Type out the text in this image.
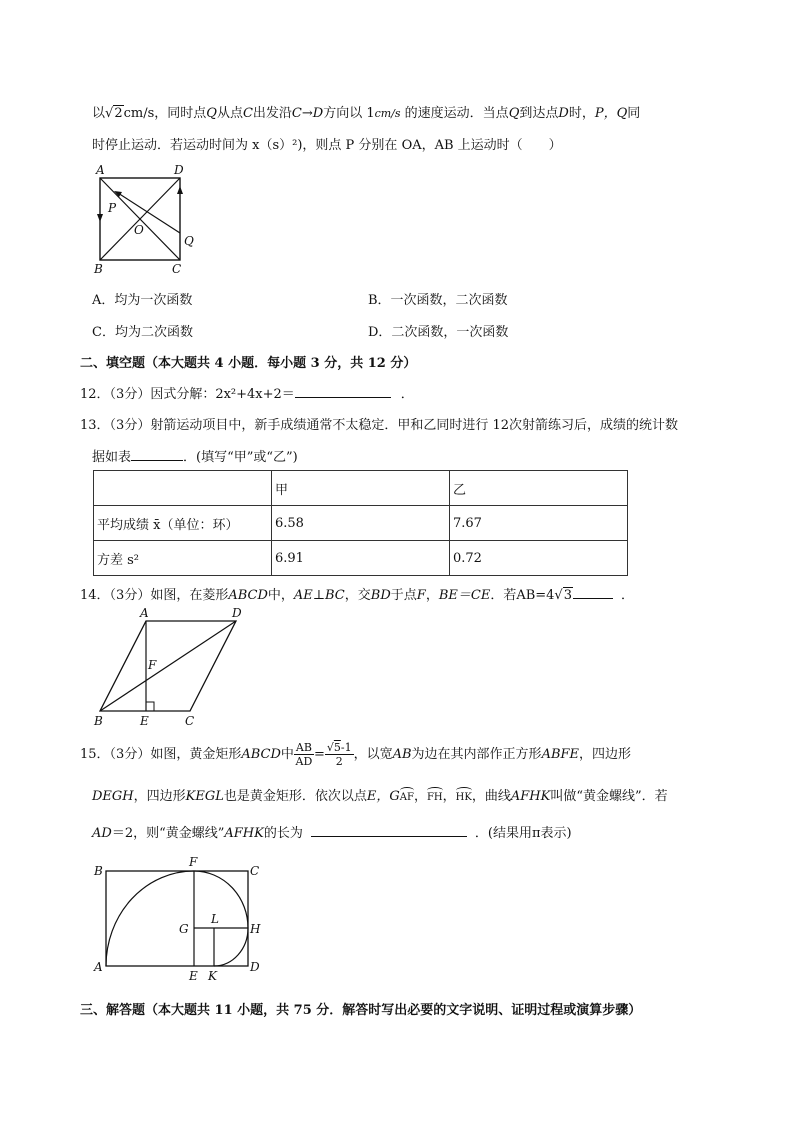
以√2cm/s，同时点Q从点C出发沿C→D方向以 1cm/s 的速度运动．当点Q到达点D时，P，Q同
时停止运动．若运动时间为 x（s）²)，则点 P 分别在 OA，AB 上运动时（　　）
A	D
B	C
P
O
Q
A．均为一次函数	B．一次函数，二次函数
C．均为二次函数	D．二次函数，一次函数
二、填空题（本大题共 4 小题．每小题 3 分，共 12 分）
12．（3分）因式分解：2x²+4x+2＝	．
13．（3分）射箭运动项目中，新手成绩通常不太稳定．甲和乙同时进行 12次射箭练习后，成绩的统计数
据如表	．(填写“甲”或“乙”)
	甲	乙
平均成绩 x̄（单位：环）	6.58	7.67
方差 s²	6.91	0.72
14．（3分）如图，在菱形ABCD中，AE⊥BC，交BD于点F，BE＝CE．若AB=4√3	．
A	D
F
B	E	C
15．（3分）如图，黄金矩形ABCD中 $\frac{AB}{AD} = \frac{√5-1}{2}$ ，以宽AB为边在其内部作正方形ABFE，四边形
DEGH，四边形KEGL也是黄金矩形．依次以点E，GAF，FH，HK，曲线AFHK叫做“黄金螺线”．若
AD＝2，则“黄金螺线”AFHK的长为	．(结果用π表示)
B
F
C
G
L
H
A
E K
D
三、解答题（本大题共 11 小题，共 75 分．解答时写出必要的文字说明、证明过程或演算步骤）
